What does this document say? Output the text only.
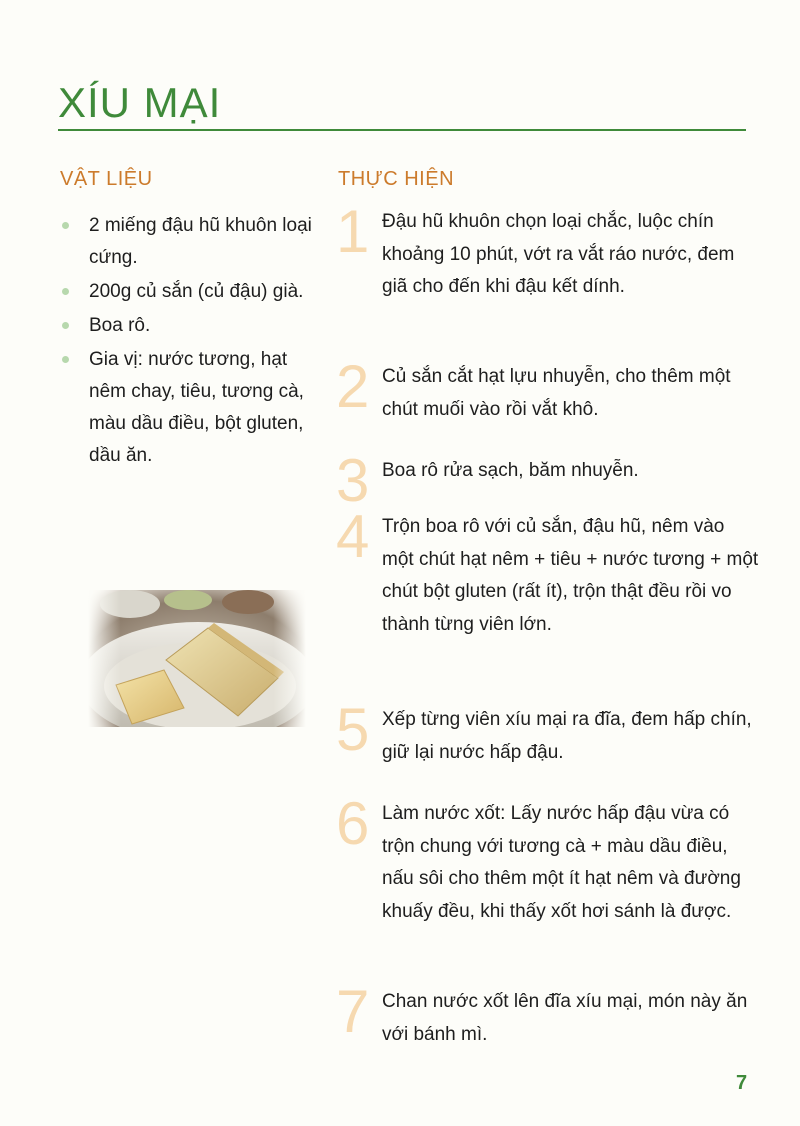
XÍU MẠI
VẬT LIỆU	THỰC HIỆN
2 miếng đậu hũ khuôn loại cứng.
200g củ sắn (củ đậu) già.
Boa rô.
Gia vị: nước tương, hạt nêm chay, tiêu, tương cà, màu dầu điều, bột gluten, dầu ăn.
1 Đậu hũ khuôn chọn loại chắc, luộc chín khoảng 10 phút, vớt ra vắt ráo nước, đem giã cho đến khi đậu kết dính.
2 Củ sắn cắt hạt lựu nhuyễn, cho thêm một chút muối vào rồi vắt khô.
3 Boa rô rửa sạch, băm nhuyễn.
4 Trộn boa rô với củ sắn, đậu hũ, nêm vào một chút hạt nêm + tiêu + nước tương + một chút bột gluten (rất ít), trộn thật đều rồi vo thành từng viên lớn.
5 Xếp từng viên xíu mại ra đĩa, đem hấp chín, giữ lại nước hấp đậu.
6 Làm nước xốt: Lấy nước hấp đậu vừa có trộn chung với tương cà + màu dầu điều, nấu sôi cho thêm một ít hạt nêm và đường khuấy đều, khi thấy xốt hơi sánh là được.
7 Chan nước xốt lên đĩa xíu mại, món này ăn với bánh mì.
7
